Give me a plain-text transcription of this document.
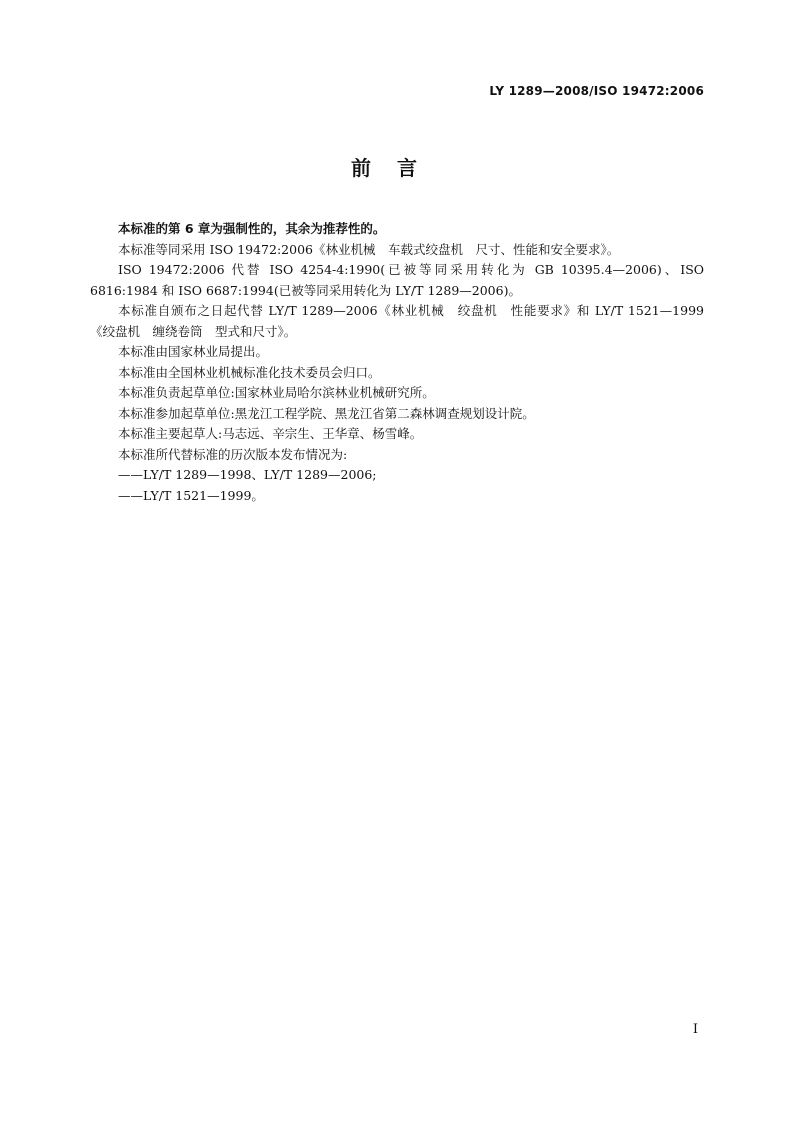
LY 1289—2008/ISO 19472:2006
前言

本标准的第 6 章为强制性的，其余为推荐性的。

本标准等同采用 ISO 19472:2006《林业机械　车载式绞盘机　尺寸、性能和安全要求》。

ISO 19472:2006 代替 ISO 4254-4:1990(已被等同采用转化为 GB 10395.4—2006)、ISO 6816:1984 和 ISO 6687:1994(已被等同采用转化为 LY/T 1289—2006)。

本标准自颁布之日起代替 LY/T 1289—2006《林业机械　绞盘机　性能要求》和 LY/T 1521—1999《绞盘机　缠绕卷筒　型式和尺寸》。

本标准由国家林业局提出。

本标准由全国林业机械标准化技术委员会归口。

本标准负责起草单位:国家林业局哈尔滨林业机械研究所。

本标准参加起草单位:黑龙江工程学院、黑龙江省第二森林调查规划设计院。

本标准主要起草人:马志远、辛宗生、王华章、杨雪峰。

本标准所代替标准的历次版本发布情况为:

——LY/T 1289—1998、LY/T 1289—2006;

——LY/T 1521—1999。

I
